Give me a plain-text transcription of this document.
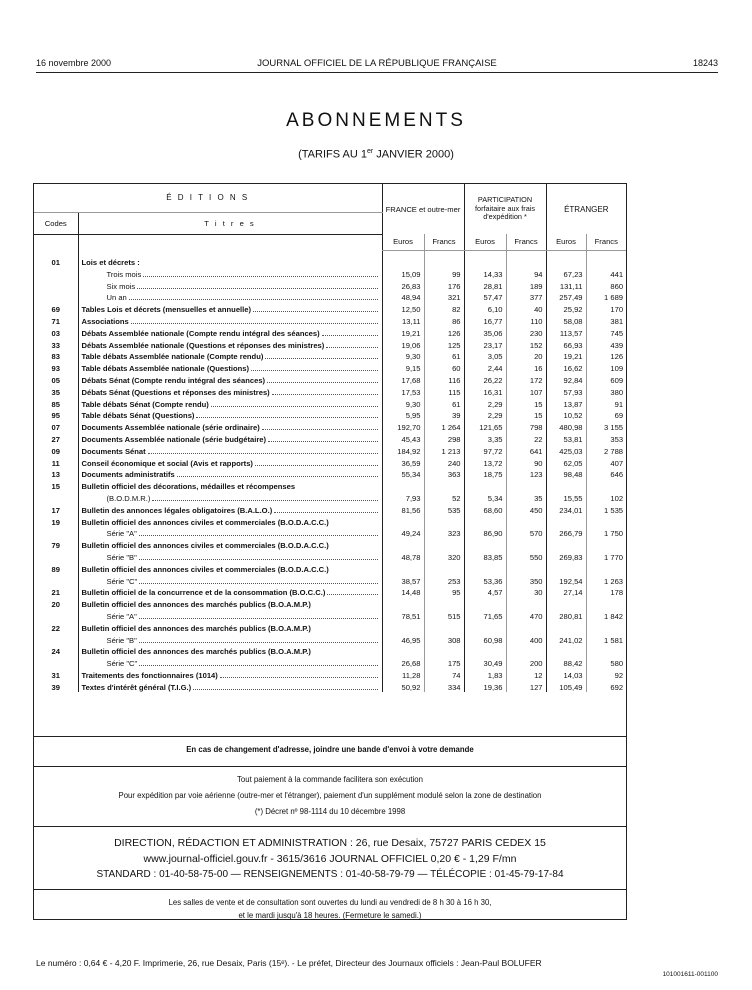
16 novembre 2000	JOURNAL OFFICIEL DE LA RÉPUBLIQUE FRANÇAISE	18243
ABONNEMENTS
(TARIFS AU 1er JANVIER 2000)
É D I T I O N S		FRANCE et outre-mer		PARTICIPATION forfaitaire aux frais d'expédition *		ÉTRANGER	
Codes	T i t r e s						
		Euros	Francs	Euros	Francs	Euros	Francs
01	Lois et décrets :						

	Trois mois	15,09	99	14,33	94	67,23	441

	Six mois	26,83	176	28,81	189	131,11	860

	Un an	48,94	321	57,47	377	257,49	1 689
69	Tables Lois et décrets (mensuelles et annuelle)	12,50	82	6,10	40	25,92	170
71	Associations	13,11	86	16,77	110	58,08	381
03	Débats Assemblée nationale (Compte rendu intégral des séances)	19,21	126	35,06	230	113,57	745
33	Débats Assemblée nationale (Questions et réponses des ministres)	19,06	125	23,17	152	66,93	439
83	Table débats Assemblée nationale (Compte rendu)	9,30	61	3,05	20	19,21	126
93	Table débats Assemblée nationale (Questions)	9,15	60	2,44	16	16,62	109
05	Débats Sénat (Compte rendu intégral des séances)	17,68	116	26,22	172	92,84	609
35	Débats Sénat (Questions et réponses des ministres)	17,53	115	16,31	107	57,93	380
85	Table débats Sénat (Compte rendu)	9,30	61	2,29	15	13,87	91
95	Table débats Sénat (Questions)	5,95	39	2,29	15	10,52	69
07	Documents Assemblée nationale (série ordinaire)	192,70	1 264	121,65	798	480,98	3 155
27	Documents Assemblée nationale (série budgétaire)	45,43	298	3,35	22	53,81	353
09	Documents Sénat	184,92	1 213	97,72	641	425,03	2 788
11	Conseil économique et social (Avis et rapports)	36,59	240	13,72	90	62,05	407
13	Documents administratifs	55,34	363	18,75	123	98,48	646
15	Bulletin officiel des décorations, médailles et récompenses						

	(B.O.D.M.R.)	7,93	52	5,34	35	15,55	102
17	Bulletin des annonces légales obligatoires (B.A.L.O.)	81,56	535	68,60	450	234,01	1 535
19	Bulletin officiel des annonces civiles et commerciales (B.O.D.A.C.C.)						

	Série "A"	49,24	323	86,90	570	266,79	1 750
79	Bulletin officiel des annonces civiles et commerciales (B.O.D.A.C.C.)						

	Série "B"	48,78	320	83,85	550	269,83	1 770
89	Bulletin officiel des annonces civiles et commerciales (B.O.D.A.C.C.)						

	Série "C"	38,57	253	53,36	350	192,54	1 263
21	Bulletin officiel de la concurrence et de la consommation (B.O.C.C.)	14,48	95	4,57	30	27,14	178
20	Bulletin officiel des annonces des marchés publics (B.O.A.M.P.)						

	Série "A"	78,51	515	71,65	470	280,81	1 842
22	Bulletin officiel des annonces des marchés publics (B.O.A.M.P.)						

	Série "B"	46,95	308	60,98	400	241,02	1 581
24	Bulletin officiel des annonces des marchés publics (B.O.A.M.P.)						

	Série "C"	26,68	175	30,49	200	88,42	580
31	Traitements des fonctionnaires (1014)	11,28	74	1,83	12	14,03	92
39	Textes d'intérêt général (T.I.G.)	50,92	334	19,36	127	105,49	692
En cas de changement d'adresse, joindre une bande d'envoi à votre demande
Tout paiement à la commande facilitera son exécution
Pour expédition par voie aérienne (outre-mer et l'étranger), paiement d'un supplément modulé selon la zone de destination
(*) Décret nº 98-1114 du 10 décembre 1998
DIRECTION, RÉDACTION ET ADMINISTRATION : 26, rue Desaix, 75727 PARIS CEDEX 15
www.journal-officiel.gouv.fr - 3615/3616 JOURNAL OFFICIEL 0,20 € - 1,29 F/mn
STANDARD : 01-40-58-75-00 — RENSEIGNEMENTS : 01-40-58-79-79 — TÉLÉCOPIE : 01-45-79-17-84
Les salles de vente et de consultation sont ouvertes du lundi au vendredi de 8 h 30 à 16 h 30,
et le mardi jusqu'à 18 heures. (Fermeture le samedi.)
Le numéro : 0,64 € - 4,20 F. Imprimerie, 26, rue Desaix, Paris (15ᵉ). - Le préfet, Directeur des Journaux officiels : Jean-Paul BOLUFER
101001611-001100
